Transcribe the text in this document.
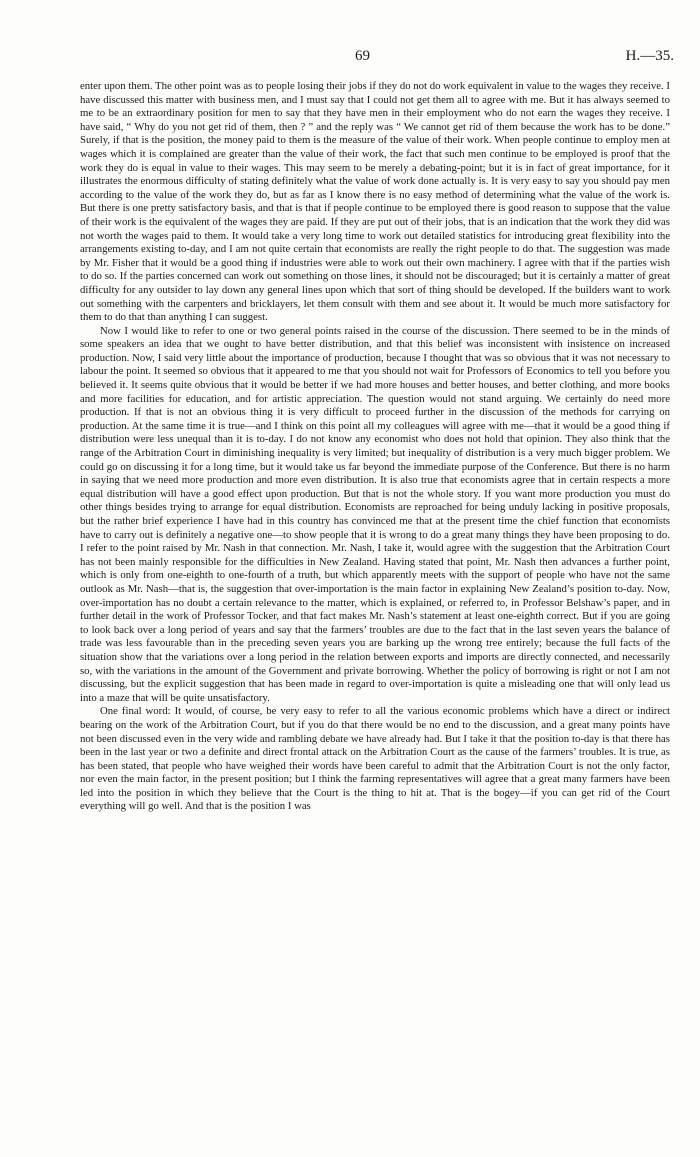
69	H.—35.

enter upon them. The other point was as to people losing their jobs if they do not do work equivalent in value to the wages they receive. I have discussed this matter with business men, and I must say that I could not get them all to agree with me. But it has always seemed to me to be an extraordinary position for men to say that they have men in their employment who do not earn the wages they receive. I have said, “ Why do you not get rid of them, then ? ” and the reply was “ We cannot get rid of them because the work has to be done.” Surely, if that is the position, the money paid to them is the measure of the value of their work. When people continue to employ men at wages which it is complained are greater than the value of their work, the fact that such men continue to be employed is proof that the work they do is equal in value to their wages. This may seem to be merely a debating-point; but it is in fact of great importance, for it illustrates the enormous difficulty of stating definitely what the value of work done actually is. It is very easy to say you should pay men according to the value of the work they do, but as far as I know there is no easy method of determining what the value of the work is. But there is one pretty satisfactory basis, and that is that if people continue to be employed there is good reason to suppose that the value of their work is the equivalent of the wages they are paid. If they are put out of their jobs, that is an indication that the work they did was not worth the wages paid to them. It would take a very long time to work out detailed statistics for introducing great flexibility into the arrangements existing to-day, and I am not quite certain that economists are really the right people to do that. The suggestion was made by Mr. Fisher that it would be a good thing if industries were able to work out their own machinery. I agree with that if the parties wish to do so. If the parties concerned can work out something on those lines, it should not be discouraged; but it is certainly a matter of great difficulty for any outsider to lay down any general lines upon which that sort of thing should be developed. If the builders want to work out something with the carpenters and bricklayers, let them consult with them and see about it. It would be much more satisfactory for them to do that than anything I can suggest.

Now I would like to refer to one or two general points raised in the course of the discussion. There seemed to be in the minds of some speakers an idea that we ought to have better distribution, and that this belief was inconsistent with insistence on increased production. Now, I said very little about the importance of production, because I thought that was so obvious that it was not necessary to labour the point. It seemed so obvious that it appeared to me that you should not wait for Professors of Economics to tell you before you believed it. It seems quite obvious that it would be better if we had more houses and better houses, and better clothing, and more books and more facilities for education, and for artistic appreciation. The question would not stand arguing. We certainly do need more production. If that is not an obvious thing it is very difficult to proceed further in the discussion of the methods for carrying on production. At the same time it is true—and I think on this point all my colleagues will agree with me—that it would be a good thing if distribution were less unequal than it is to-day. I do not know any economist who does not hold that opinion. They also think that the range of the Arbitration Court in diminishing inequality is very limited; but inequality of distribution is a very much bigger problem. We could go on discussing it for a long time, but it would take us far beyond the immediate purpose of the Conference. But there is no harm in saying that we need more production and more even distribution. It is also true that economists agree that in certain respects a more equal distribution will have a good effect upon production. But that is not the whole story. If you want more production you must do other things besides trying to arrange for equal distribution. Economists are reproached for being unduly lacking in positive proposals, but the rather brief experience I have had in this country has convinced me that at the present time the chief function that economists have to carry out is definitely a negative one—to show people that it is wrong to do a great many things they have been proposing to do. I refer to the point raised by Mr. Nash in that connection. Mr. Nash, I take it, would agree with the suggestion that the Arbitration Court has not been mainly responsible for the difficulties in New Zealand. Having stated that point, Mr. Nash then advances a further point, which is only from one-eighth to one-fourth of a truth, but which apparently meets with the support of people who have not the same outlook as Mr. Nash—that is, the suggestion that over-importation is the main factor in explaining New Zealand’s position to-day. Now, over-importation has no doubt a certain relevance to the matter, which is explained, or referred to, in Professor Belshaw’s paper, and in further detail in the work of Professor Tocker, and that fact makes Mr. Nash’s statement at least one-eighth correct. But if you are going to look back over a long period of years and say that the farmers’ troubles are due to the fact that in the last seven years the balance of trade was less favourable than in the preceding seven years you are barking up the wrong tree entirely; because the full facts of the situation show that the variations over a long period in the relation between exports and imports are directly connected, and necessarily so, with the variations in the amount of the Government and private borrowing. Whether the policy of borrowing is right or not I am not discussing, but the explicit suggestion that has been made in regard to over-importation is quite a misleading one that will only lead us into a maze that will be quite unsatisfactory.

One final word: It would, of course, be very easy to refer to all the various economic problems which have a direct or indirect bearing on the work of the Arbitration Court, but if you do that there would be no end to the discussion, and a great many points have not been discussed even in the very wide and rambling debate we have already had. But I take it that the position to-day is that there has been in the last year or two a definite and direct frontal attack on the Arbitration Court as the cause of the farmers’ troubles. It is true, as has been stated, that people who have weighed their words have been careful to admit that the Arbitration Court is not the only factor, nor even the main factor, in the present position; but I think the farming representatives will agree that a great many farmers have been led into the position in which they believe that the Court is the thing to hit at. That is the bogey—if you can get rid of the Court everything will go well. And that is the position I was
